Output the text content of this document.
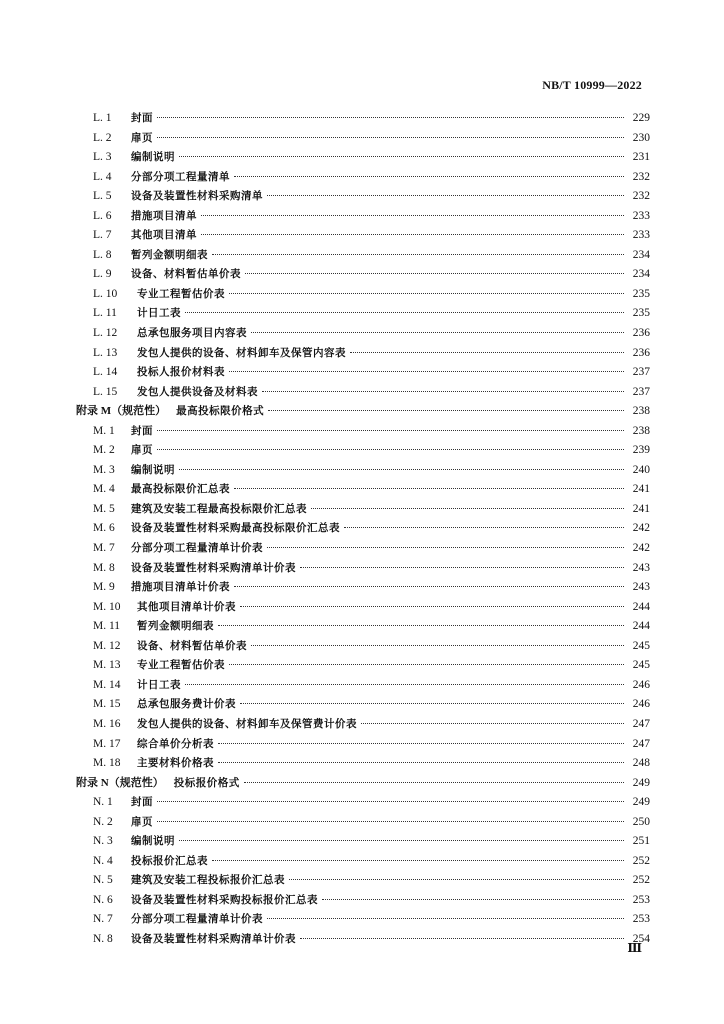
NB/T 10999—2022
L. 1	封面	229
L. 2	扉页	230
L. 3	编制说明	231
L. 4	分部分项工程量清单	232
L. 5	设备及装置性材料采购清单	232
L. 6	措施项目清单	233
L. 7	其他项目清单	233
L. 8	暂列金额明细表	234
L. 9	设备、材料暂估单价表	234
L. 10	专业工程暂估价表	235
L. 11	计日工表	235
L. 12	总承包服务项目内容表	236
L. 13	发包人提供的设备、材料卸车及保管内容表	236
L. 14	投标人报价材料表	237
L. 15	发包人提供设备及材料表	237
附录 M（规范性） 最高投标限价格式	238
M. 1	封面	238
M. 2	扉页	239
M. 3	编制说明	240
M. 4	最高投标限价汇总表	241
M. 5	建筑及安装工程最高投标限价汇总表	241
M. 6	设备及装置性材料采购最高投标限价汇总表	242
M. 7	分部分项工程量清单计价表	242
M. 8	设备及装置性材料采购清单计价表	243
M. 9	措施项目清单计价表	243
M. 10	其他项目清单计价表	244
M. 11	暂列金额明细表	244
M. 12	设备、材料暂估单价表	245
M. 13	专业工程暂估价表	245
M. 14	计日工表	246
M. 15	总承包服务费计价表	246
M. 16	发包人提供的设备、材料卸车及保管费计价表	247
M. 17	综合单价分析表	247
M. 18	主要材料价格表	248
附录 N（规范性） 投标报价格式	249
N. 1	封面	249
N. 2	扉页	250
N. 3	编制说明	251
N. 4	投标报价汇总表	252
N. 5	建筑及安装工程投标报价汇总表	252
N. 6	设备及装置性材料采购投标报价汇总表	253
N. 7	分部分项工程量清单计价表	253
N. 8	设备及装置性材料采购清单计价表	254
Ⅲ
